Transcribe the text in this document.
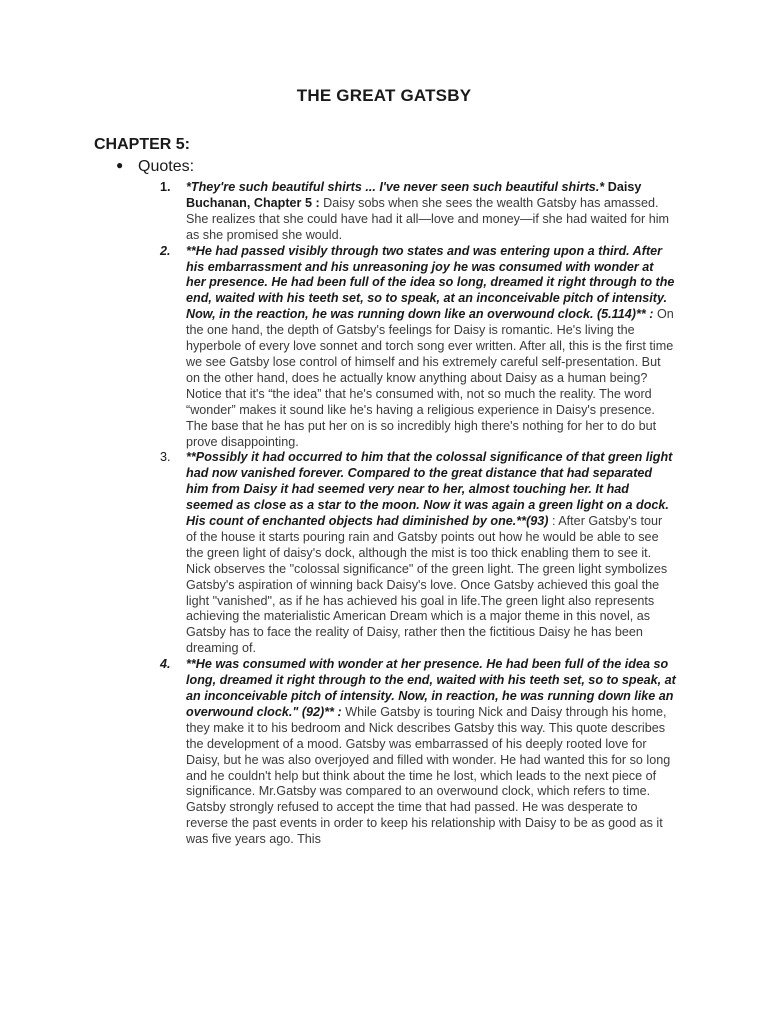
THE GREAT GATSBY
CHAPTER 5:
● Quotes:
1.	*They're such beautiful shirts ... I've never seen such beautiful shirts.* Daisy Buchanan, Chapter 5 : Daisy sobs when she sees the wealth Gatsby has amassed. She realizes that she could have had it all—love and money—if she had waited for him as she promised she would.
2.	**He had passed visibly through two states and was entering upon a third. After his embarrassment and his unreasoning joy he was consumed with wonder at her presence. He had been full of the idea so long, dreamed it right through to the end, waited with his teeth set, so to speak, at an inconceivable pitch of intensity. Now, in the reaction, he was running down like an overwound clock. (5.114)** : On the one hand, the depth of Gatsby's feelings for Daisy is romantic. He's living the hyperbole of every love sonnet and torch song ever written. After all, this is the first time we see Gatsby lose control of himself and his extremely careful self-presentation. But on the other hand, does he actually know anything about Daisy as a human being? Notice that it's “the idea” that he's consumed with, not so much the reality. The word “wonder” makes it sound like he's having a religious experience in Daisy's presence. The base that he has put her on is so incredibly high there's nothing for her to do but prove disappointing.
3.	**Possibly it had occurred to him that the colossal significance of that green light had now vanished forever. Compared to the great distance that had separated him from Daisy it had seemed very near to her, almost touching her. It had seemed as close as a star to the moon. Now it was again a green light on a dock. His count of enchanted objects had diminished by one.**(93) : After Gatsby's tour of the house it starts pouring rain and Gatsby points out how he would be able to see the green light of daisy's dock, although the mist is too thick enabling them to see it. Nick observes the "colossal significance" of the green light. The green light symbolizes Gatsby's aspiration of winning back Daisy's love. Once Gatsby achieved this goal the light "vanished", as if he has achieved his goal in life.The green light also represents achieving the materialistic American Dream which is a major theme in this novel, as Gatsby has to face the reality of Daisy, rather then the fictitious Daisy he has been dreaming of.
4.	**He was consumed with wonder at her presence. He had been full of the idea so long, dreamed it right through to the end, waited with his teeth set, so to speak, at an inconceivable pitch of intensity. Now, in reaction, he was running down like an overwound clock." (92)** : While Gatsby is touring Nick and Daisy through his home, they make it to his bedroom and Nick describes Gatsby this way. This quote describes the development of a mood. Gatsby was embarrassed of his deeply rooted love for Daisy, but he was also overjoyed and filled with wonder. He had wanted this for so long and he couldn't help but think about the time he lost, which leads to the next piece of significance. Mr.Gatsby was compared to an overwound clock, which refers to time. Gatsby strongly refused to accept the time that had passed. He was desperate to reverse the past events in order to keep his relationship with Daisy to be as good as it was five years ago. This
